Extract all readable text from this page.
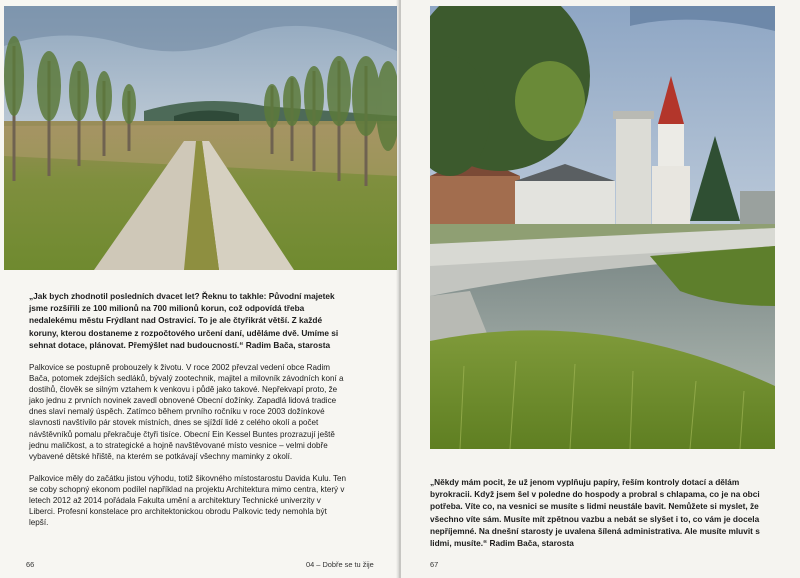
„Jak bych zhodnotil posledních dvacet let? Řeknu to takhle: Původní majetek jsme rozšířili ze 100 milionů na 700 milionů korun, což odpovídá třeba nedalekému městu Frýdlant nad Ostravicí. To je ale čtyřikrát větší. Z každé koruny, kterou dostaneme z rozpočtového určení daní, uděláme dvě. Umíme si sehnat dotace, plánovat. Přemýšlet nad budoucností.“ Radim Bača, starosta

Palkovice se postupně probouzely k životu. V roce 2002 převzal vedení obce Radim Bača, potomek zdejších sedláků, bývalý zootechnik, majitel a milovník závodních koní a dostihů, člověk se silným vztahem k venkovu i půdě jako takové. Nepřekvapí proto, že jako jednu z prvních novinek zavedl obnovené Obecní dožínky. Zapadlá lidová tradice dnes slaví nemalý úspěch. Zatímco během prvního ročníku v roce 2003 dožínkové slavnosti navštívilo pár stovek místních, dnes se sjíždí lidé z celého okolí a počet návštěvníků pomalu překračuje čtyři tisíce. Obecní Ein Kessel Buntes prozrazují ještě jednu maličkost, a to strategické a hojně navštěvované místo vesnice – velmi dobře vybavené dětské hřiště, na kterém se potkávají všechny maminky z okolí.

Palkovice měly do začátku jistou výhodu, totiž šikovného místostarostu Davida Kulu. Ten se coby schopný ekonom podílel například na projektu Architektura mimo centra, který v letech 2012 až 2014 pořádala Fakulta umění a architektury Technické univerzity v Liberci. Profesní konstelace pro architektonickou obrodu Palkovic tedy nemohla být lepší.

66	04 – Dobře se tu žije
„Někdy mám pocit, že už jenom vyplňuju papíry, řeším kontroly dotací a dělám byrokracii. Když jsem šel v poledne do hospody a probral s chlapama, co je na obci potřeba. Víte co, na vesnici se musíte s lidmi neustále bavit. Nemůžete si myslet, že všechno víte sám. Musíte mít zpětnou vazbu a nebát se slyšet i to, co vám je docela nepříjemné. Na dnešní starosty je uvalena šílená administrativa. Ale musíte mluvit s lidmi, musíte.“ Radim Bača, starosta
67
